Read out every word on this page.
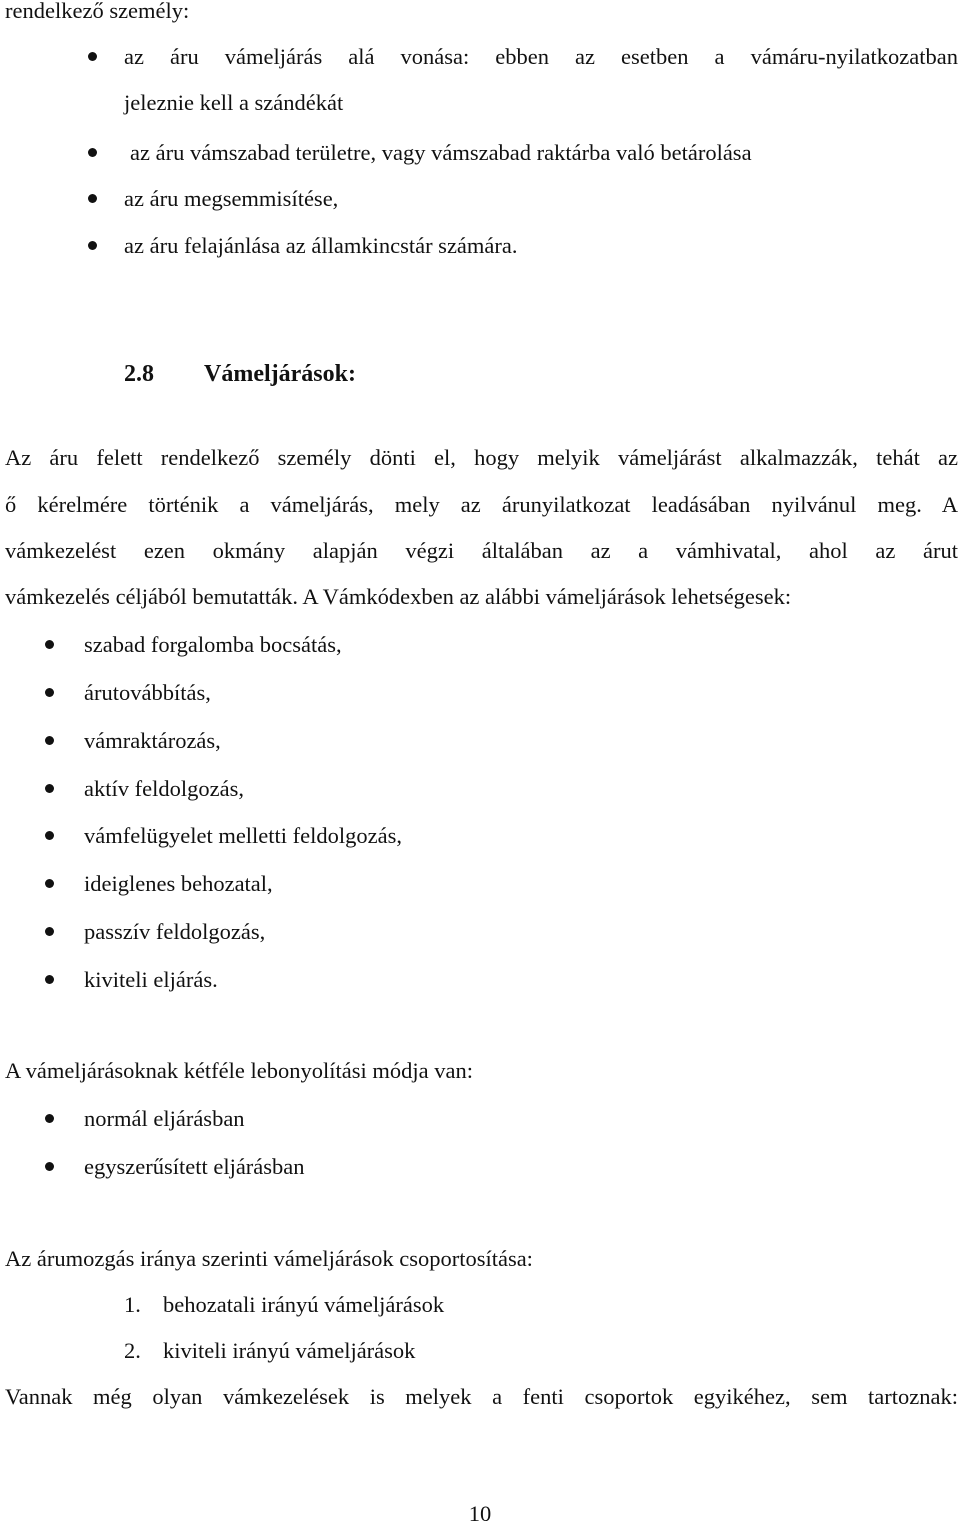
rendelkező személy:
az áru vámeljárás alá vonása: ebben az esetben a vámáru-nyilatkozatban
jeleznie kell a szándékát
az áru vámszabad területre, vagy vámszabad raktárba való betárolása
az áru megsemmisítése,
az áru felajánlása az államkincstár számára.
2.8 Vámeljárások:
Az áru felett rendelkező személy dönti el, hogy melyik vámeljárást alkalmazzák, tehát az
ő kérelmére történik a vámeljárás, mely az árunyilatkozat leadásában nyilvánul meg. A
vámkezelést ezen okmány alapján végzi általában az a vámhivatal, ahol az árut
vámkezelés céljából bemutatták. A Vámkódexben az alábbi vámeljárások lehetségesek:
szabad forgalomba bocsátás,
árutovábbítás,
vámraktározás,
aktív feldolgozás,
vámfelügyelet melletti feldolgozás,
ideiglenes behozatal,
passzív feldolgozás,
kiviteli eljárás.
A vámeljárásoknak kétféle lebonyolítási módja van:
normál eljárásban
egyszerűsített eljárásban
Az árumozgás iránya szerinti vámeljárások csoportosítása:
1. behozatali irányú vámeljárások
2. kiviteli irányú vámeljárások
Vannak még olyan vámkezelések is melyek a fenti csoportok egyikéhez, sem tartoznak:
10
